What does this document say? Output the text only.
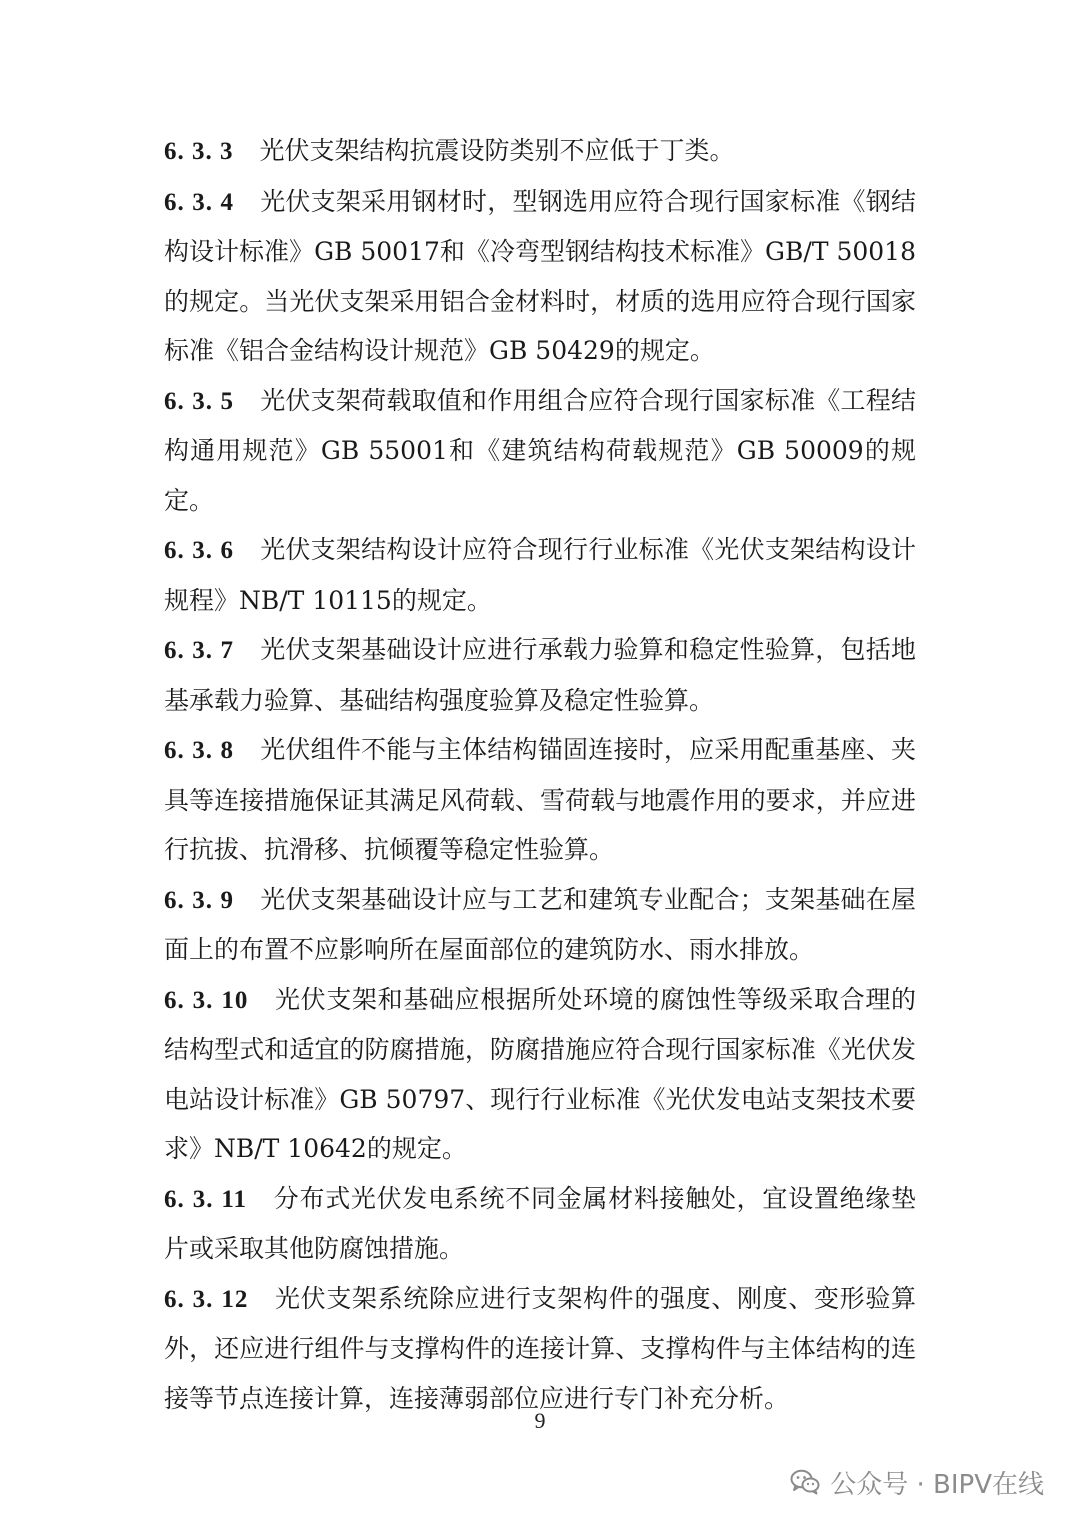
6. 3. 3 光伏支架结构抗震设防类别不应低于丁类。

6. 3. 4 光伏支架采用钢材时，型钢选用应符合现行国家标准《钢结构设计标准》GB 50017和《冷弯型钢结构技术标准》GB/T 50018的规定。当光伏支架采用铝合金材料时，材质的选用应符合现行国家标准《铝合金结构设计规范》GB 50429的规定。

6. 3. 5 光伏支架荷载取值和作用组合应符合现行国家标准《工程结构通用规范》GB 55001和《建筑结构荷载规范》GB 50009的规定。

6. 3. 6 光伏支架结构设计应符合现行行业标准《光伏支架结构设计规程》NB/T 10115的规定。

6. 3. 7 光伏支架基础设计应进行承载力验算和稳定性验算，包括地基承载力验算、基础结构强度验算及稳定性验算。

6. 3. 8 光伏组件不能与主体结构锚固连接时，应采用配重基座、夹具等连接措施保证其满足风荷载、雪荷载与地震作用的要求，并应进行抗拔、抗滑移、抗倾覆等稳定性验算。

6. 3. 9 光伏支架基础设计应与工艺和建筑专业配合；支架基础在屋面上的布置不应影响所在屋面部位的建筑防水、雨水排放。

6. 3. 10 光伏支架和基础应根据所处环境的腐蚀性等级采取合理的结构型式和适宜的防腐措施，防腐措施应符合现行国家标准《光伏发电站设计标准》GB 50797、现行行业标准《光伏发电站支架技术要求》NB/T 10642的规定。

6. 3. 11 分布式光伏发电系统不同金属材料接触处，宜设置绝缘垫片或采取其他防腐蚀措施。

6. 3. 12 光伏支架系统除应进行支架构件的强度、刚度、变形验算外，还应进行组件与支撑构件的连接计算、支撑构件与主体结构的连接等节点连接计算，连接薄弱部位应进行专门补充分析。

9
公众号 · BIPV在线
